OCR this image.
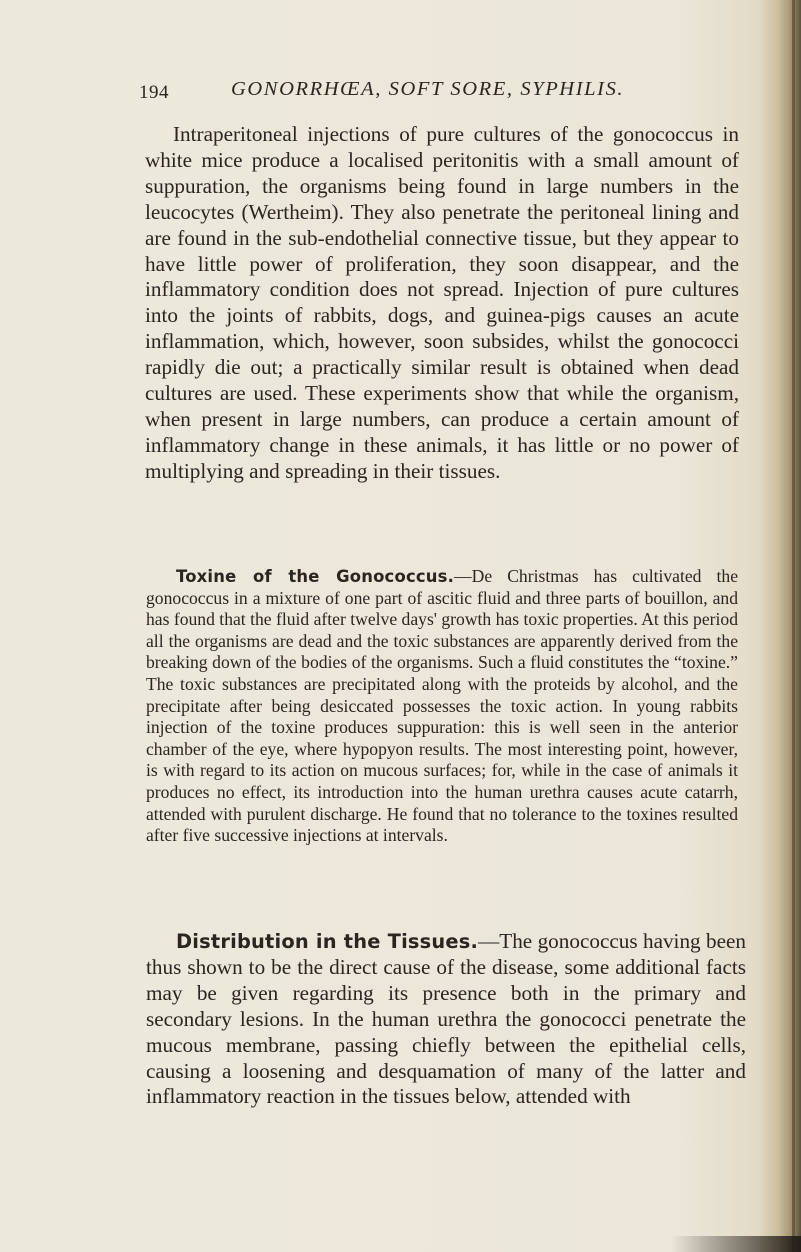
194	GONORRHŒA, SOFT SORE, SYPHILIS.

Intraperitoneal injections of pure cultures of the gonococcus in white mice produce a localised peritonitis with a small amount of suppuration, the organisms being found in large numbers in the leucocytes (Wertheim). They also penetrate the peritoneal lining and are found in the sub-endothelial connective tissue, but they appear to have little power of proliferation, they soon disappear, and the inflammatory condition does not spread. Injection of pure cultures into the joints of rabbits, dogs, and guinea-pigs causes an acute inflammation, which, however, soon subsides, whilst the gonococci rapidly die out; a practically similar result is obtained when dead cultures are used. These experiments show that while the organism, when present in large numbers, can produce a certain amount of inflammatory change in these animals, it has little or no power of multiplying and spreading in their tissues.

Toxine of the Gonococcus.—De Christmas has cultivated the gonococcus in a mixture of one part of ascitic fluid and three parts of bouillon, and has found that the fluid after twelve days' growth has toxic properties. At this period all the organisms are dead and the toxic substances are apparently derived from the breaking down of the bodies of the organisms. Such a fluid constitutes the “toxine.” The toxic substances are precipitated along with the proteids by alcohol, and the precipitate after being desiccated possesses the toxic action. In young rabbits injection of the toxine produces suppuration: this is well seen in the anterior chamber of the eye, where hypopyon results. The most interesting point, however, is with regard to its action on mucous surfaces; for, while in the case of animals it produces no effect, its introduction into the human urethra causes acute catarrh, attended with purulent discharge. He found that no tolerance to the toxines resulted after five successive injections at intervals.

Distribution in the Tissues.—The gonococcus having been thus shown to be the direct cause of the disease, some additional facts may be given regarding its presence both in the primary and secondary lesions. In the human urethra the gonococci penetrate the mucous membrane, passing chiefly between the epithelial cells, causing a loosening and desquamation of many of the latter and inflammatory reaction in the tissues below, attended with
